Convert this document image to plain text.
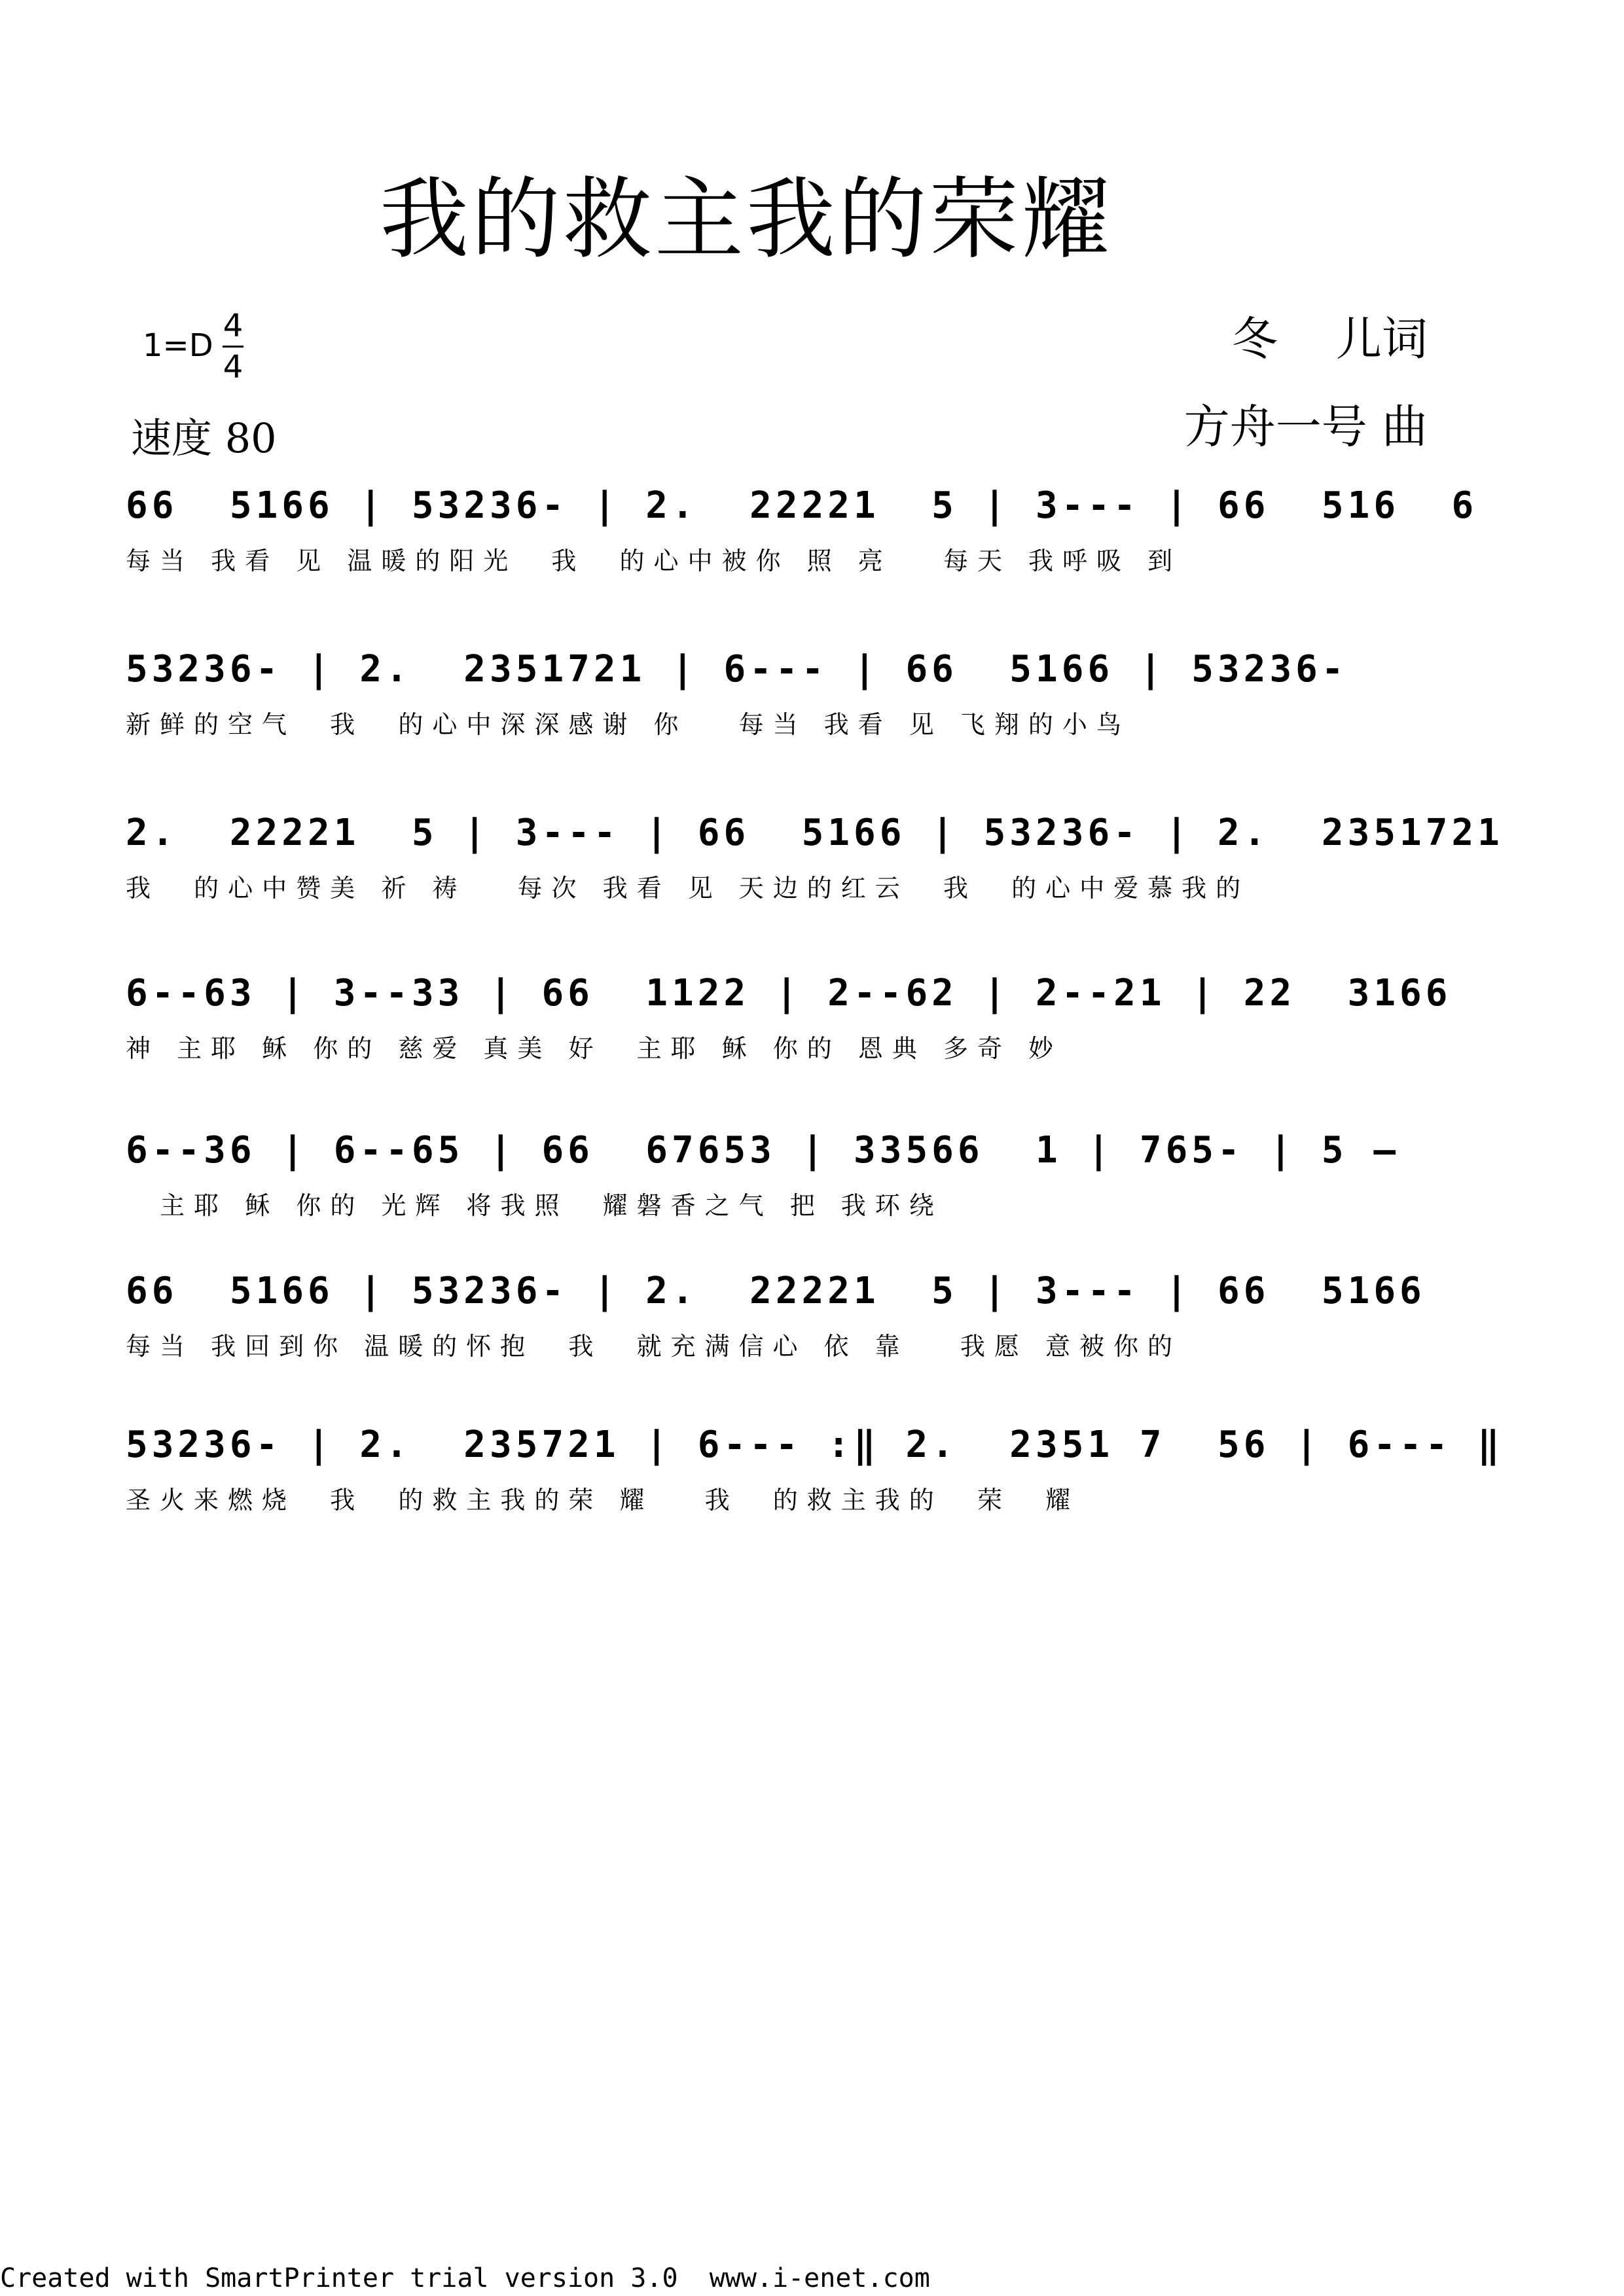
我的救主我的荣耀
1=D
4
4
速度 80
冬    儿词
方舟一号 曲
66  5166 | 53236- | 2.  22221  5 | 3--- | 66  516  6
每当 我看 见 温暖的阳光  我  的心中被你 照 亮   每天 我呼吸 到
53236- | 2.  2351721 | 6--- | 66  5166 | 53236-
新鲜的空气  我  的心中深深感谢 你   每当 我看 见 飞翔的小鸟
2.  22221  5 | 3--- | 66  5166 | 53236- | 2.  2351721
我  的心中赞美 祈 祷   每次 我看 见 天边的红云  我  的心中爱慕我的
6--63 | 3--33 | 66  1122 | 2--62 | 2--21 | 22  3166
神 主耶 稣 你的 慈爱 真美 好  主耶 稣 你的 恩典 多奇 妙
6--36 | 6--65 | 66  67653 | 33566  1 | 765- | 5 —
主耶 稣 你的 光辉 将我照  耀磐香之气 把 我环绕
66  5166 | 53236- | 2.  22221  5 | 3--- | 66  5166
每当 我回到你 温暖的怀抱  我  就充满信心 依 靠   我愿 意被你的
53236- | 2.  235721 | 6--- :‖ 2.  2351 7  56 | 6--- ‖
圣火来燃烧  我  的救主我的荣 耀   我  的救主我的  荣  耀
Created with SmartPrinter trial version 3.0  www.i-enet.com
